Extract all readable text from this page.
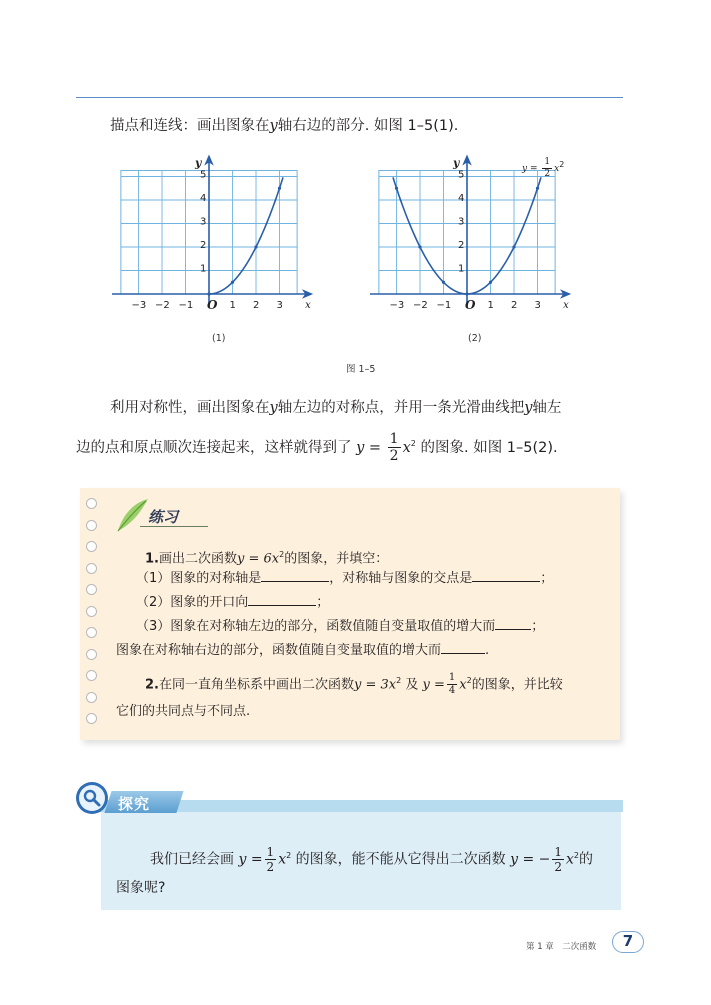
描点和连线：画出图象在y轴右边的部分. 如图 1–5(1).
−3 −2 −1	1 2 3
1
2
3
4
5
x
y
O	−3 −2 −1	1 2 3
1
2
3
4
5
x
y
O
$y = \frac{1}{2} x^2$
(1)	(2)
图 1–5
利用对称性，画出图象在y轴左边的对称点，并用一条光滑曲线把y轴左
边的点和原点顺次连接起来，这样就得到了 $y = \frac{1}{2} x^2$ 的图象. 如图 1–5(2).
练习
1.画出二次函数$y = 6x^2$的图象，并填空：
（1）图象的对称轴是	，对称轴与图象的交点是	；
（2）图象的开口向	；
（3）图象在对称轴左边的部分，函数值随自变量取值的增大而	；
图象在对称轴右边的部分，函数值随自变量取值的增大而	.
2.在同一直角坐标系中画出二次函数$y = 3x^2$ 及 $y = \frac{1}{4} x^2$的图象，并比较
它们的共同点与不同点.
探究
我们已经会画 $y = \frac{1}{2} x^2$ 的图象，能不能从它得出二次函数 y = − $\frac{1}{2} x^2$的
图象呢?
第 1 章　二次函数	7
